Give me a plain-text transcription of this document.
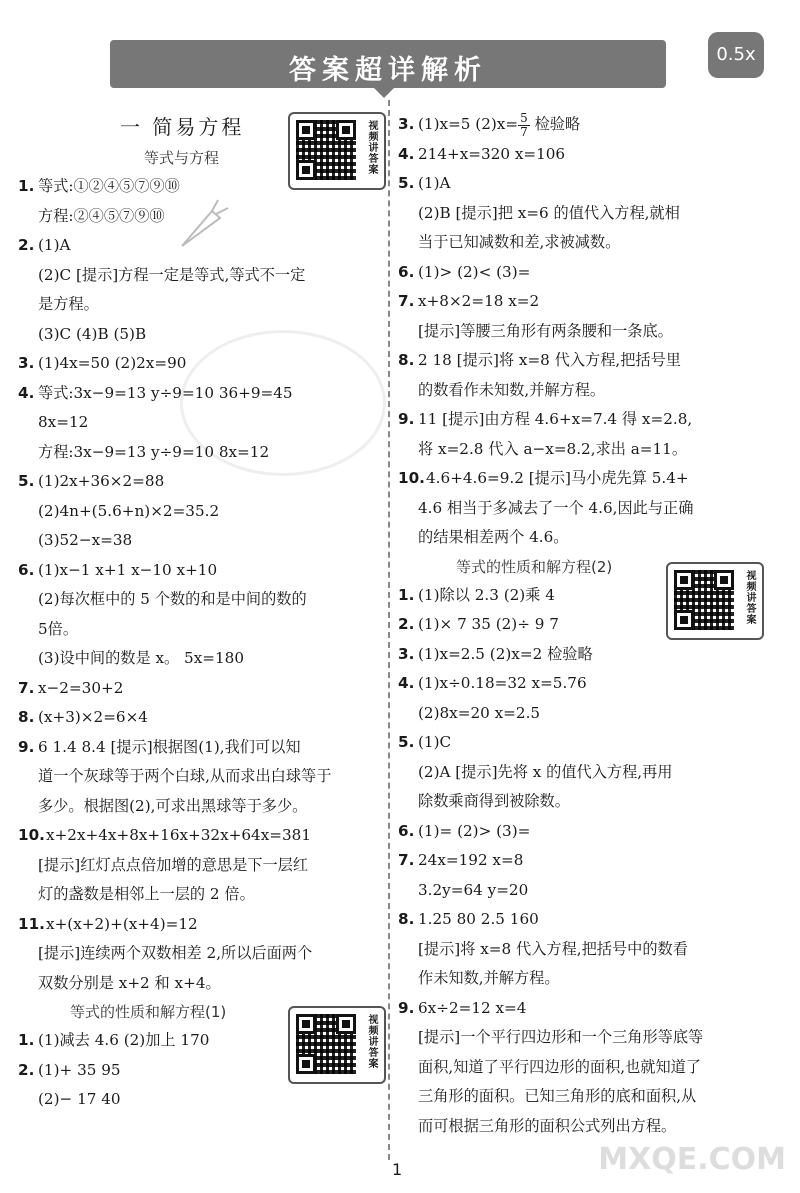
答案超详解析
0.5x
一 简易方程
等式与方程
1. 等式:①②④⑤⑦⑨⑩
方程:②④⑤⑦⑨⑩
2. (1)A
(2)C [提示]方程一定是等式,等式不一定
是方程。
(3)C (4)B (5)B
3. (1)4x=50 (2)2x=90
4. 等式:3x−9=13 y÷9=10 36+9=45
8x=12
方程:3x−9=13 y÷9=10 8x=12
5. (1)2x+36×2=88
(2)4n+(5.6+n)×2=35.2
(3)52−x=38
6. (1)x−1 x+1 x−10 x+10
(2)每次框中的 5 个数的和是中间的数的
5倍。
(3)设中间的数是 x。 5x=180
7. x−2=30+2
8. (x+3)×2=6×4
9. 6 1.4 8.4 [提示]根据图(1),我们可以知
道一个灰球等于两个白球,从而求出白球等于
多少。根据图(2),可求出黑球等于多少。
10.x+2x+4x+8x+16x+32x+64x=381
[提示]红灯点点倍加增的意思是下一层红
灯的盏数是相邻上一层的 2 倍。
11.x+(x+2)+(x+4)=12
[提示]连续两个双数相差 2,所以后面两个
双数分别是 x+2 和 x+4。
等式的性质和解方程(1)
1. (1)减去 4.6 (2)加上 170
2. (1)+ 35 95
(2)− 17 40
3. (1)x=5 $(2)x= \frac{5}{7}$ 检验略
4. 214+x=320 x=106
5. (1)A
(2)B [提示]把 x=6 的值代入方程,就相
当于已知减数和差,求被减数。
6. (1)> (2)< (3)=
7. x+8×2=18 x=2
[提示]等腰三角形有两条腰和一条底。
8. 2 18 [提示]将 x=8 代入方程,把括号里
的数看作未知数,并解方程。
9. 11 [提示]由方程 4.6+x=7.4 得 x=2.8,
将 x=2.8 代入 a−x=8.2,求出 a=11。
10.4.6+4.6=9.2 [提示]马小虎先算 5.4+
4.6 相当于多减去了一个 4.6,因此与正确
的结果相差两个 4.6。
等式的性质和解方程(2)
1. (1)除以 2.3 (2)乘 4
2. (1)× 7 35 (2)÷ 9 7
3. (1)x=2.5 (2)x=2 检验略
4. (1)x÷0.18=32 x=5.76
(2)8x=20 x=2.5
5. (1)C
(2)A [提示]先将 x 的值代入方程,再用
除数乘商得到被除数。
6. (1)= (2)> (3)=
7. 24x=192 x=8
3.2y=64 y=20
8. 1.25 80 2.5 160
[提示]将 x=8 代入方程,把括号中的数看
作未知数,并解方程。
9. 6x÷2=12 x=4
[提示]一个平行四边形和一个三角形等底等
面积,知道了平行四边形的面积,也就知道了
三角形的面积。已知三角形的底和面积,从
而可根据三角形的面积公式列出方程。
视频讲答案
视频讲答案
视频讲答案
1	MXQE.COM
